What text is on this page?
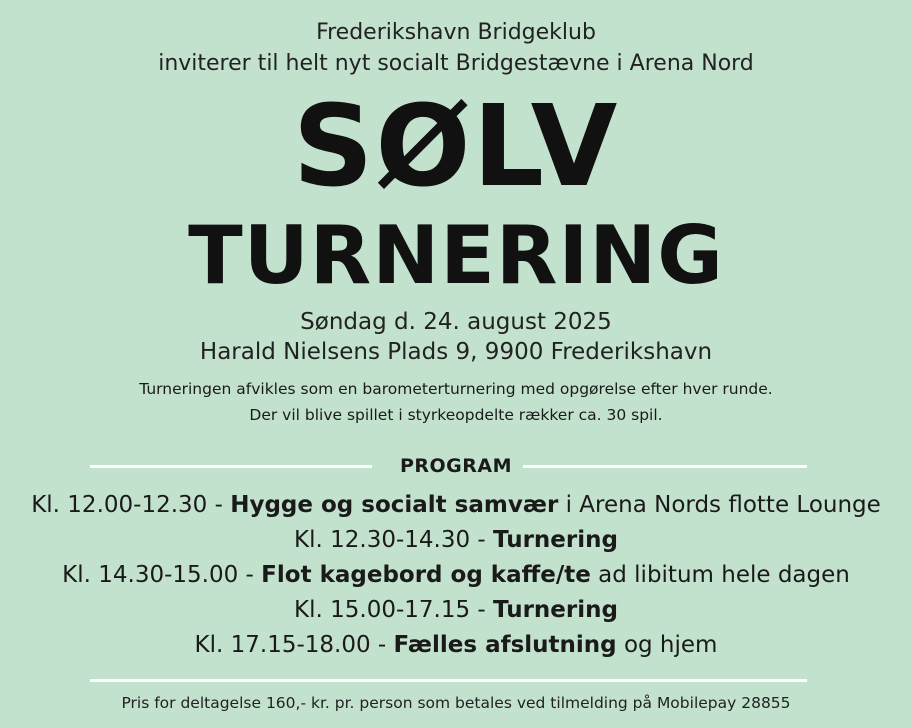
Frederikshavn Bridgeklub
inviterer til helt nyt socialt Bridgestævne i Arena Nord
SØLV
TURNERING
Søndag d. 24. august 2025
Harald Nielsens Plads 9, 9900 Frederikshavn
Turneringen afvikles som en barometerturnering med opgørelse efter hver runde.
Der vil blive spillet i styrkeopdelte rækker ca. 30 spil.
PROGRAM
Kl. 12.00-12.30 - Hygge og socialt samvær i Arena Nords flotte Lounge
Kl. 12.30-14.30 - Turnering
Kl. 14.30-15.00 - Flot kagebord og kaffe/te ad libitum hele dagen
Kl. 15.00-17.15 - Turnering
Kl. 17.15-18.00 - Fælles afslutning og hjem
Pris for deltagelse 160,- kr. pr. person som betales ved tilmelding på Mobilepay 28855
